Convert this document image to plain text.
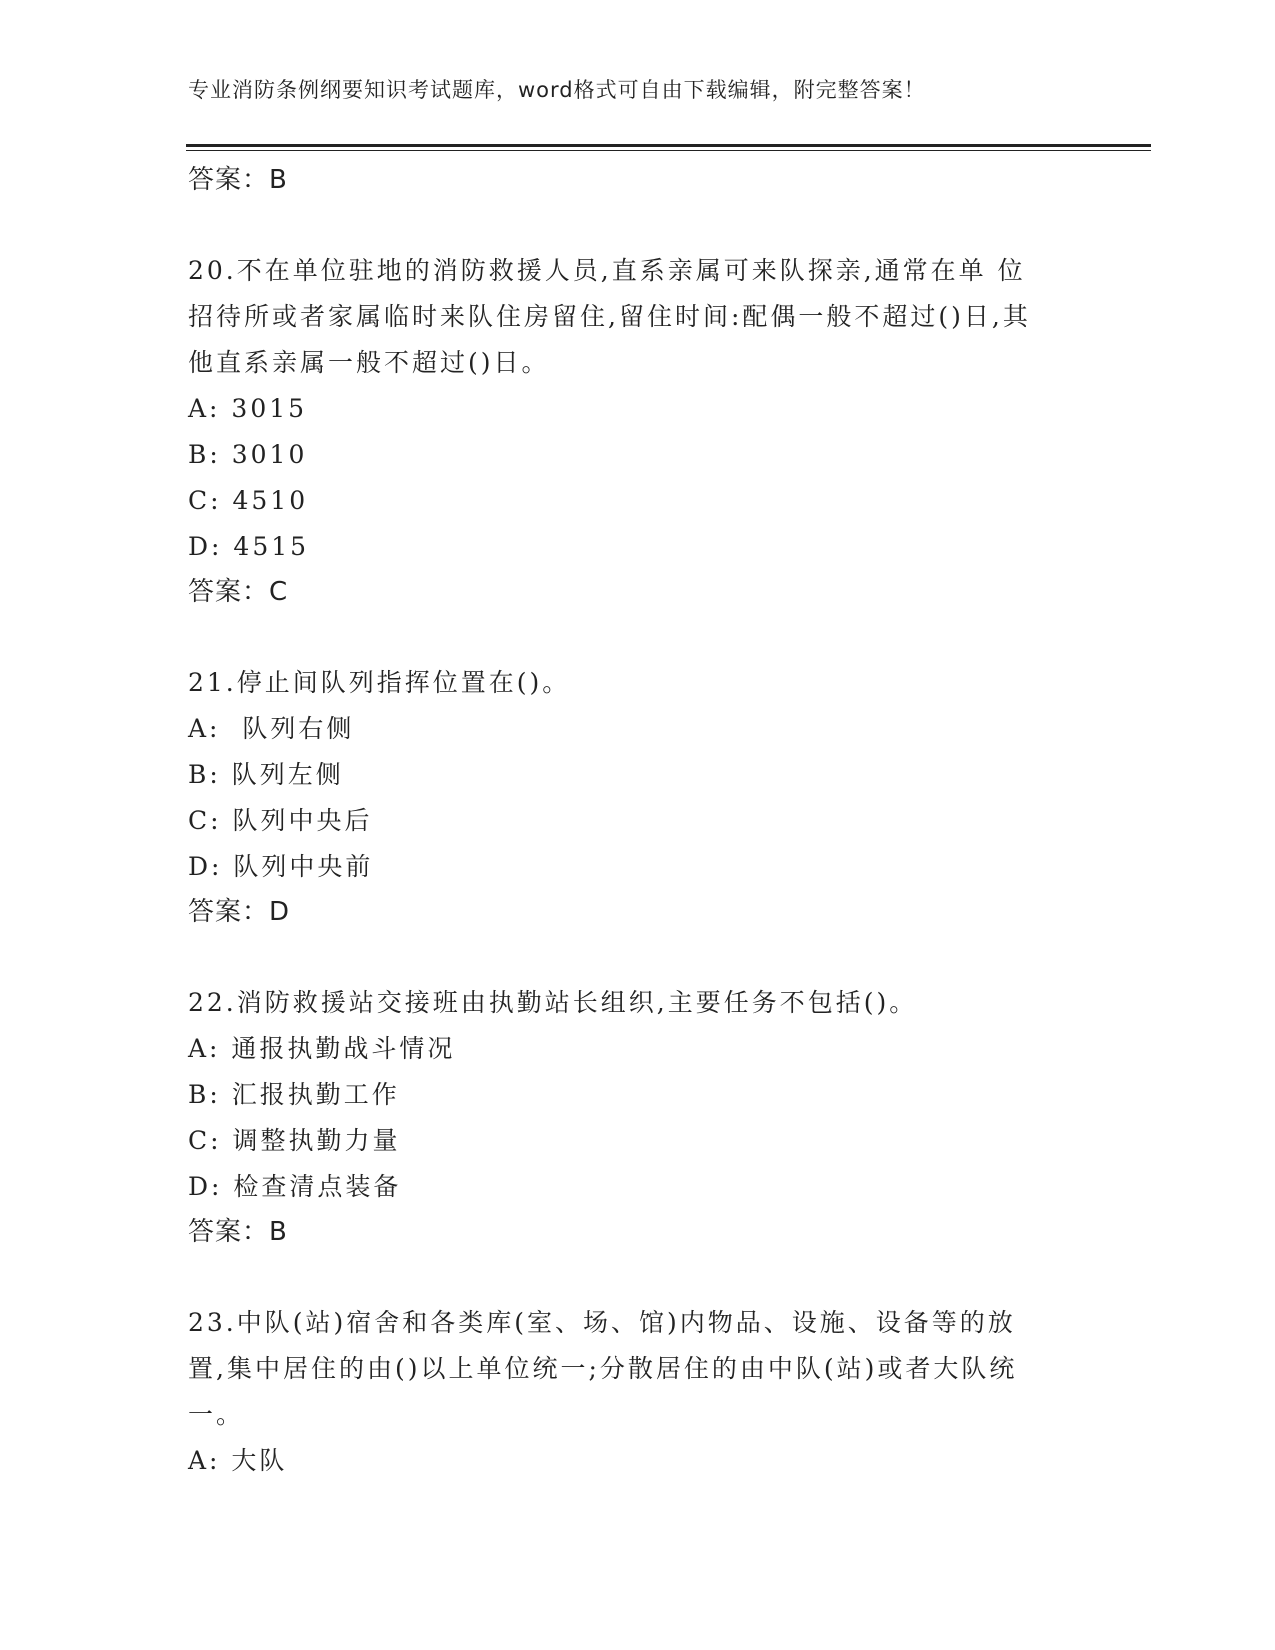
专业消防条例纲要知识考试题库，word格式可自由下载编辑，附完整答案！
答案：B

20.不在单位驻地的消防救援人员,直系亲属可来队探亲,通常在单 位
招待所或者家属临时来队住房留住,留住时间:配偶一般不超过()日,其
他直系亲属一般不超过()日。

A: 3015
B: 3010
C: 4510
D: 4515
答案：C

21.停止间队列指挥位置在()。

A:  队列右侧
B: 队列左侧
C: 队列中央后
D: 队列中央前
答案：D

22.消防救援站交接班由执勤站长组织,主要任务不包括()。

A: 通报执勤战斗情况
B: 汇报执勤工作
C: 调整执勤力量
D: 检查清点装备
答案：B

23.中队(站)宿舍和各类库(室、场、馆)内物品、设施、设备等的放
置,集中居住的由()以上单位统一;分散居住的由中队(站)或者大队统
一。

A: 大队
